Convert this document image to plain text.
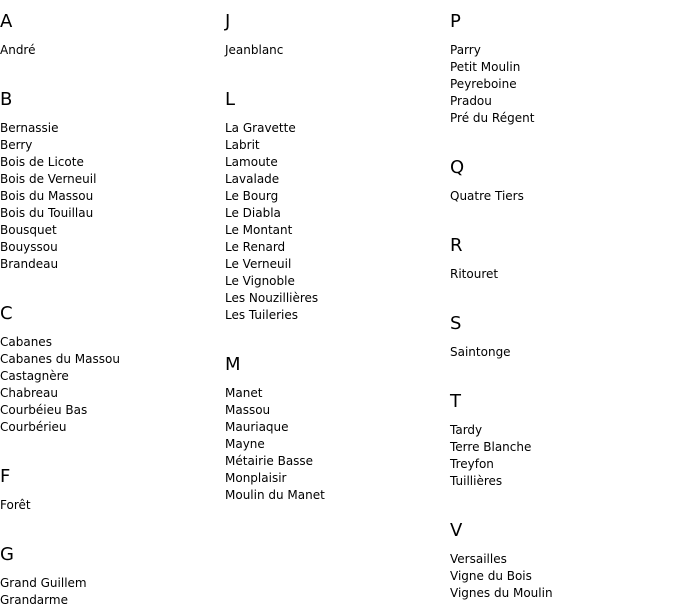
A
André
B
Bernassie
Berry
Bois de Licote
Bois de Verneuil
Bois du Massou
Bois du Touillau
Bousquet
Bouyssou
Brandeau
C
Cabanes
Cabanes du Massou
Castagnère
Chabreau
Courbéieu Bas
Courbérieu
F
Forêt
G
Grand Guillem
Grandarme
J
Jeanblanc
L
La Gravette
Labrit
Lamoute
Lavalade
Le Bourg
Le Diabla
Le Montant
Le Renard
Le Verneuil
Le Vignoble
Les Nouzillières
Les Tuileries
M
Manet
Massou
Mauriaque
Mayne
Métairie Basse
Monplaisir
Moulin du Manet
P
Parry
Petit Moulin
Peyreboine
Pradou
Pré du Régent
Q
Quatre Tiers
R
Ritouret
S
Saintonge
T
Tardy
Terre Blanche
Treyfon
Tuillières
V
Versailles
Vigne du Bois
Vignes du Moulin
